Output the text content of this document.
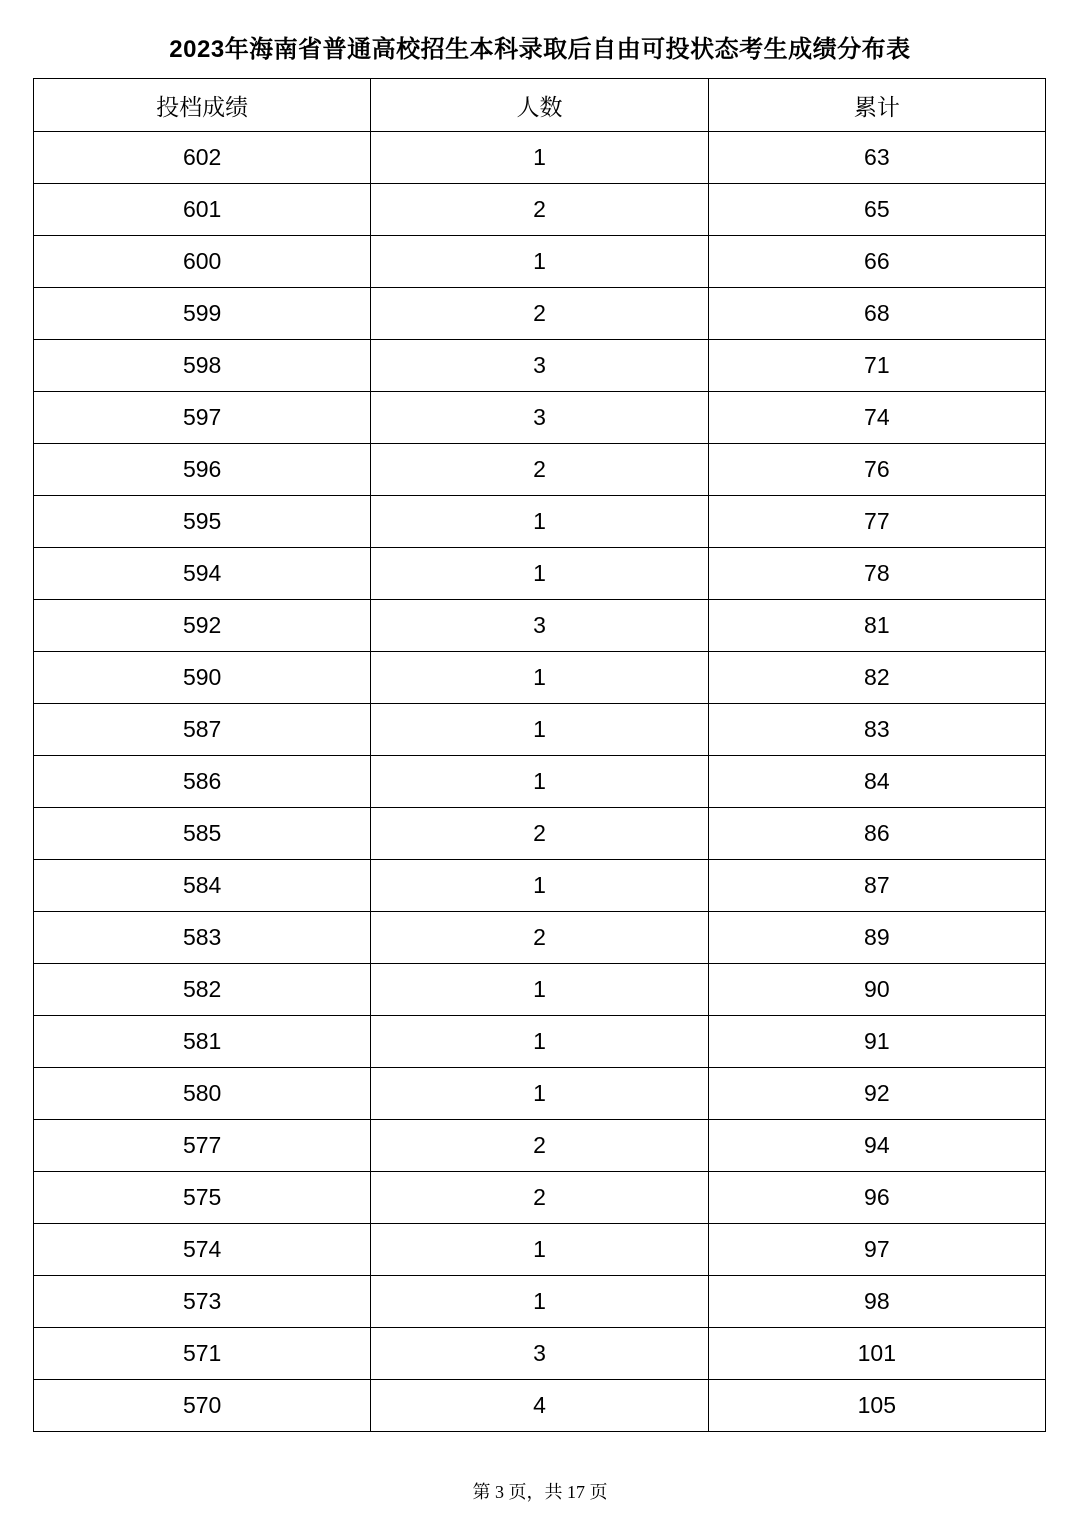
2023年海南省普通高校招生本科录取后自由可投状态考生成绩分布表
投档成绩	人数	累计
602	1	63
601	2	65
600	1	66
599	2	68
598	3	71
597	3	74
596	2	76
595	1	77
594	1	78
592	3	81
590	1	82
587	1	83
586	1	84
585	2	86
584	1	87
583	2	89
582	1	90
581	1	91
580	1	92
577	2	94
575	2	96
574	1	97
573	1	98
571	3	101
570	4	105
第 3 页，共 17 页
